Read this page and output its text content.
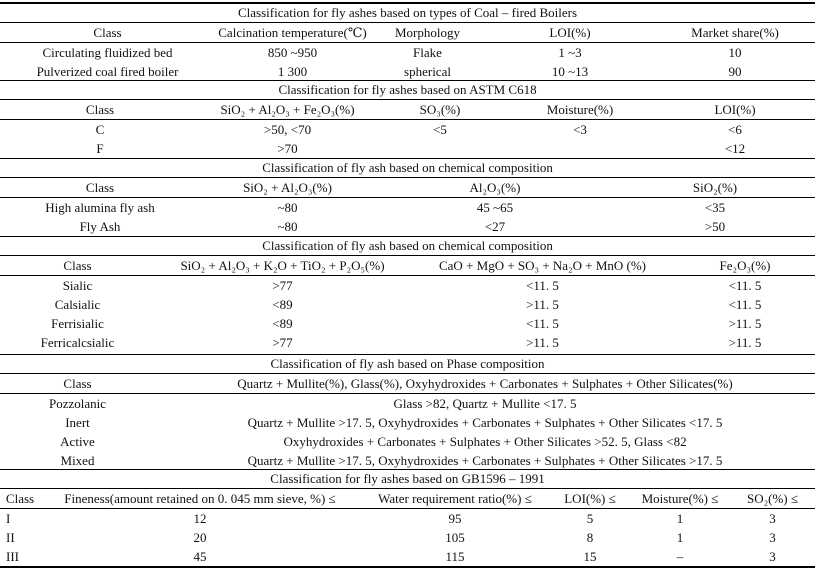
Classification for fly ashes based on types of Coal – fired Boilers				
Class	Calcination temperature(℃)	Morphology	LOI(%)	Market share(%)
Circulating fluidized bed	850 ~950	Flake	1 ~3	10
Pulverized coal fired boiler	1 300	spherical	10 ~13	90
Classification for fly ashes based on ASTM C618				
Class	SiO₂ + Al₂O₃ + Fe₂O₃(%)	SO₃(%)	Moisture(%)	LOI(%)
C	>50, <70	<5	<3	<6
F	>70			<12
Classification of fly ash based on chemical composition			
Class	SiO₂ + Al₂O₃(%)	Al₂O₃(%)	SiO₂(%)
High alumina fly ash	~80	45 ~65	<35
Fly Ash	~80	<27	>50
Classification of fly ash based on chemical composition			
Class	SiO₂ + Al₂O₃ + K₂O + TiO₂ + P₂O₅(%)	CaO + MgO + SO₃ + Na₂O + MnO (%)	Fe₂O₃(%)
Sialic	>77	<11. 5	<11. 5
Calsialic	<89	>11. 5	<11. 5
Ferrisialic	<89	<11. 5	>11. 5
Ferricalcsialic	>77	>11. 5	>11. 5
Classification of fly ash based on Phase composition	
Class	Quartz + Mullite(%), Glass(%), Oxyhydroxides + Carbonates + Sulphates + Other Silicates(%)
Pozzolanic	Glass >82, Quartz + Mullite <17. 5
Inert	Quartz + Mullite >17. 5, Oxyhydroxides + Carbonates + Sulphates + Other Silicates <17. 5
Active	Oxyhydroxides + Carbonates + Sulphates + Other Silicates >52. 5, Glass <82
Mixed	Quartz + Mullite >17. 5, Oxyhydroxides + Carbonates + Sulphates + Other Silicates >17. 5
Classification for fly ashes based on GB1596 – 1991					
Class	Fineness(amount retained on 0. 045 mm sieve, %) ≤	Water requirement ratio(%) ≤	LOI(%) ≤	Moisture(%) ≤	SO₂(%) ≤
I	12	95	5	1	3
II	20	105	8	1	3
III	45	115	15	–	3
